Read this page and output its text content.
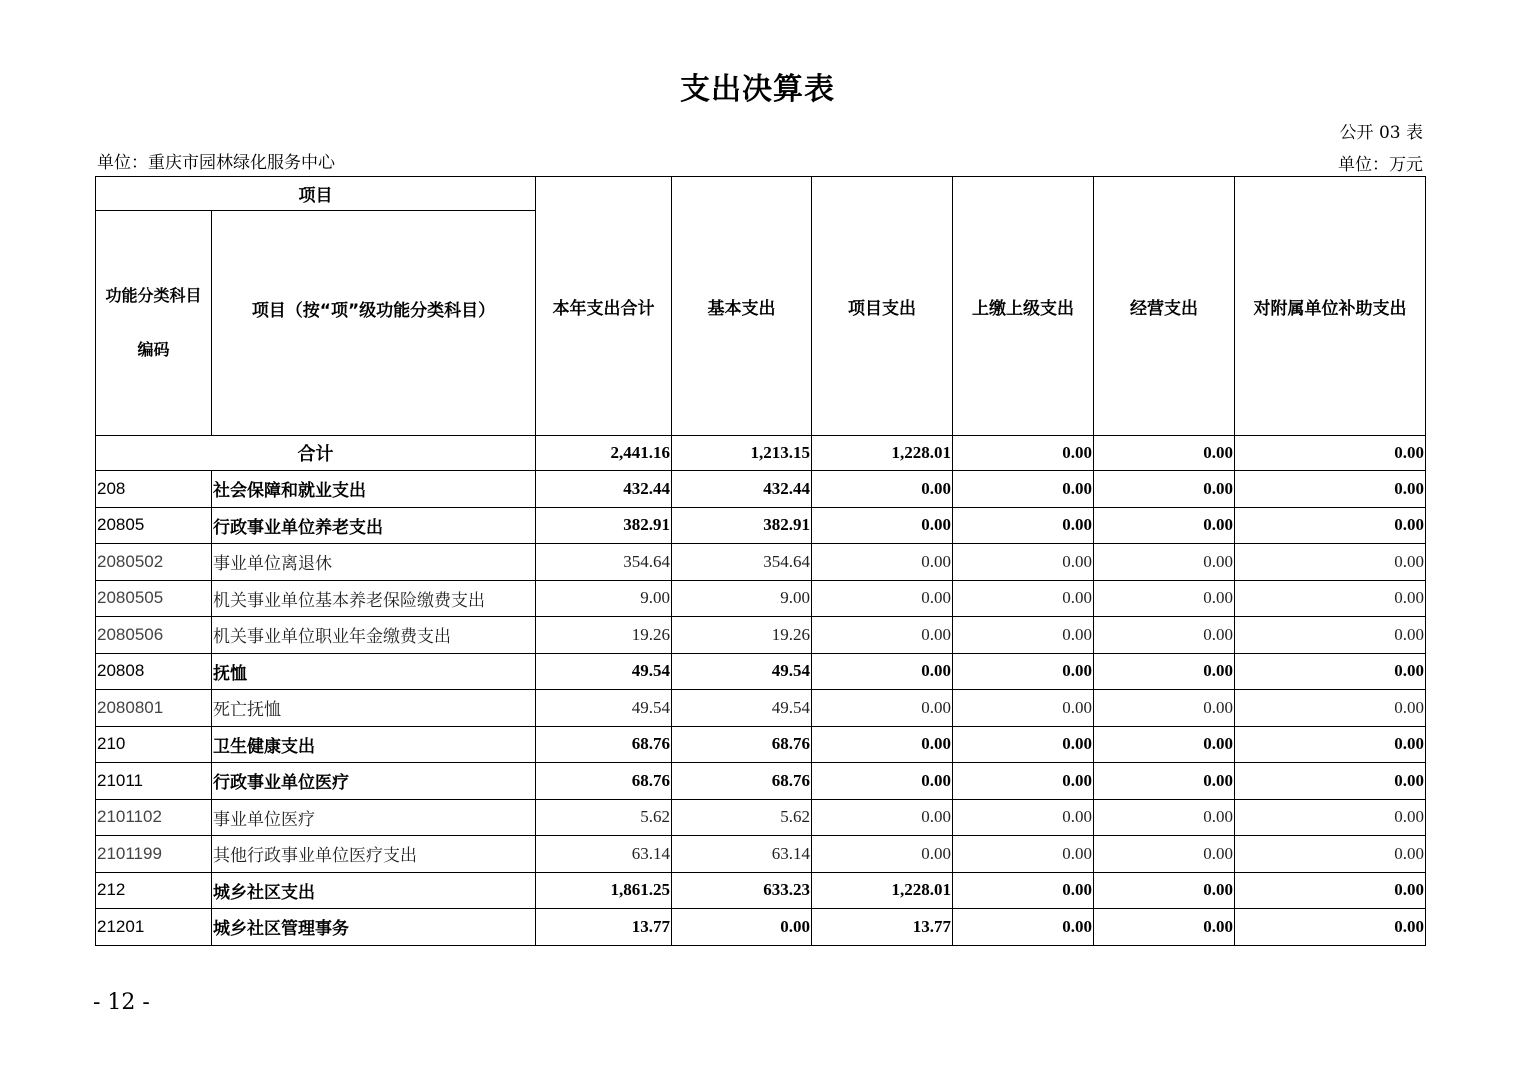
支出决算表
公开 03 表
单位：重庆市园林绿化服务中心	单位：万元
项目		本年支出合计	基本支出	项目支出	上缴上级支出	经营支出	对附属单位补助支出

功能分类科目
编码	项目（按“项”级功能分类科目）						
合计		2,441.16	1,213.15	1,228.01	0.00	0.00	0.00
208	社会保障和就业支出	432.44	432.44	0.00	0.00	0.00	0.00
20805	行政事业单位养老支出	382.91	382.91	0.00	0.00	0.00	0.00
2080502	事业单位离退休	354.64	354.64	0.00	0.00	0.00	0.00
2080505	机关事业单位基本养老保险缴费支出	9.00	9.00	0.00	0.00	0.00	0.00
2080506	机关事业单位职业年金缴费支出	19.26	19.26	0.00	0.00	0.00	0.00
20808	抚恤	49.54	49.54	0.00	0.00	0.00	0.00
2080801	死亡抚恤	49.54	49.54	0.00	0.00	0.00	0.00
210	卫生健康支出	68.76	68.76	0.00	0.00	0.00	0.00
21011	行政事业单位医疗	68.76	68.76	0.00	0.00	0.00	0.00
2101102	事业单位医疗	5.62	5.62	0.00	0.00	0.00	0.00
2101199	其他行政事业单位医疗支出	63.14	63.14	0.00	0.00	0.00	0.00
212	城乡社区支出	1,861.25	633.23	1,228.01	0.00	0.00	0.00
21201	城乡社区管理事务	13.77	0.00	13.77	0.00	0.00	0.00
- 12 -
